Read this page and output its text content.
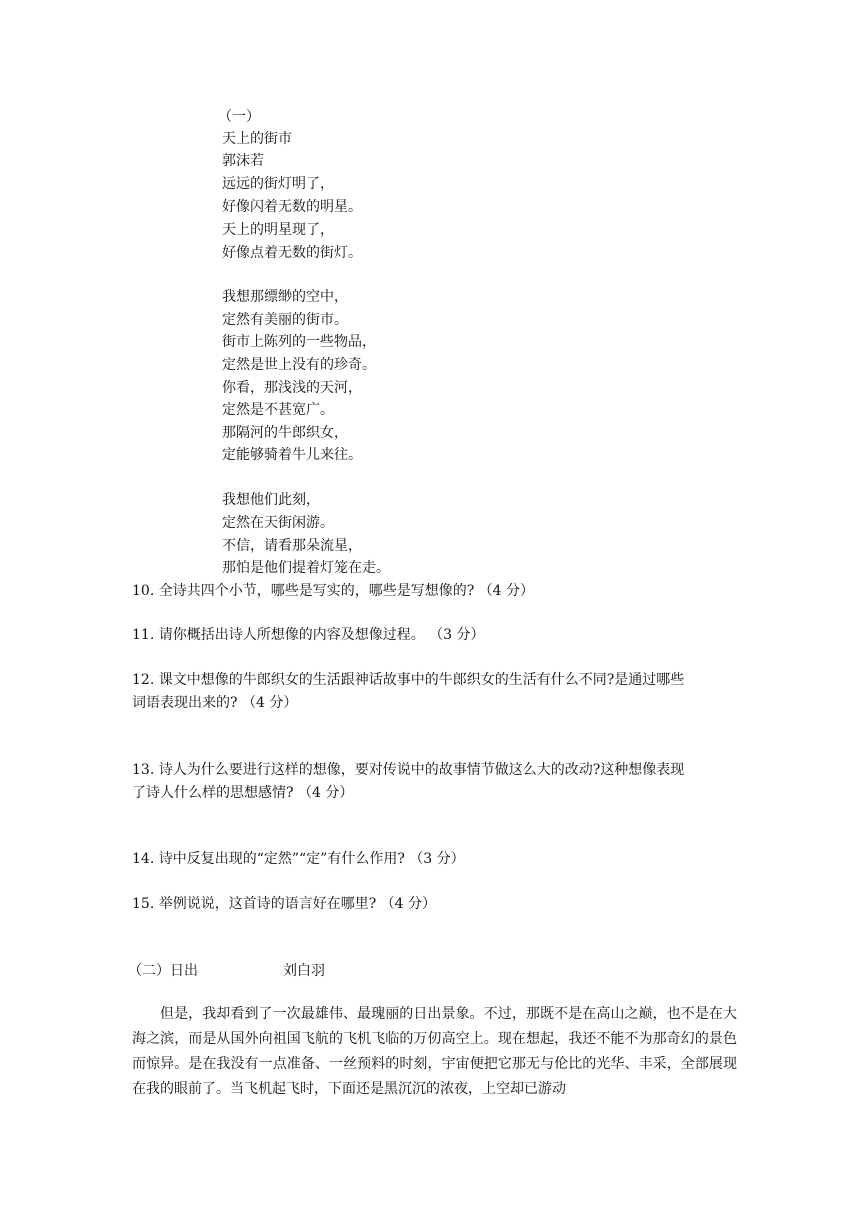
（一）
天上的街市
郭沫若
远远的街灯明了，
好像闪着无数的明星。
天上的明星现了，
好像点着无数的街灯。
我想那缥缈的空中，
定然有美丽的街市。
街市上陈列的一些物品，
定然是世上没有的珍奇。
你看，那浅浅的天河，
定然是不甚宽广。
那隔河的牛郎织女，
定能够骑着牛儿来往。
我想他们此刻，
定然在天街闲游。
不信，请看那朵流星，
那怕是他们提着灯笼在走。
10. 全诗共四个小节，哪些是写实的，哪些是写想像的? （4 分）
11. 请你概括出诗人所想像的内容及想像过程。 （3 分）
12. 课文中想像的牛郎织女的生活跟神话故事中的牛郎织女的生活有什么不同?是通过哪些
词语表现出来的? （4 分）
13. 诗人为什么要进行这样的想像，要对传说中的故事情节做这么大的改动?这种想像表现
了诗人什么样的思想感情? （4 分）
14. 诗中反复出现的“定然”“定”有什么作用? （3 分）
15. 举例说说，这首诗的语言好在哪里? （4 分）
（二）日出	刘白羽
但是，我却看到了一次最雄伟、最瑰丽的日出景象。不过，那既不是在高山之巅，也不是在大海之滨，而是从国外向祖国飞航的飞机飞临的万仞高空上。现在想起，我还不能不为那奇幻的景色而惊异。是在我没有一点准备、一丝预料的时刻，宇宙便把它那无与伦比的光华、丰采，全部展现在我的眼前了。当飞机起飞时，下面还是黑沉沉的浓夜，上空却已游动
